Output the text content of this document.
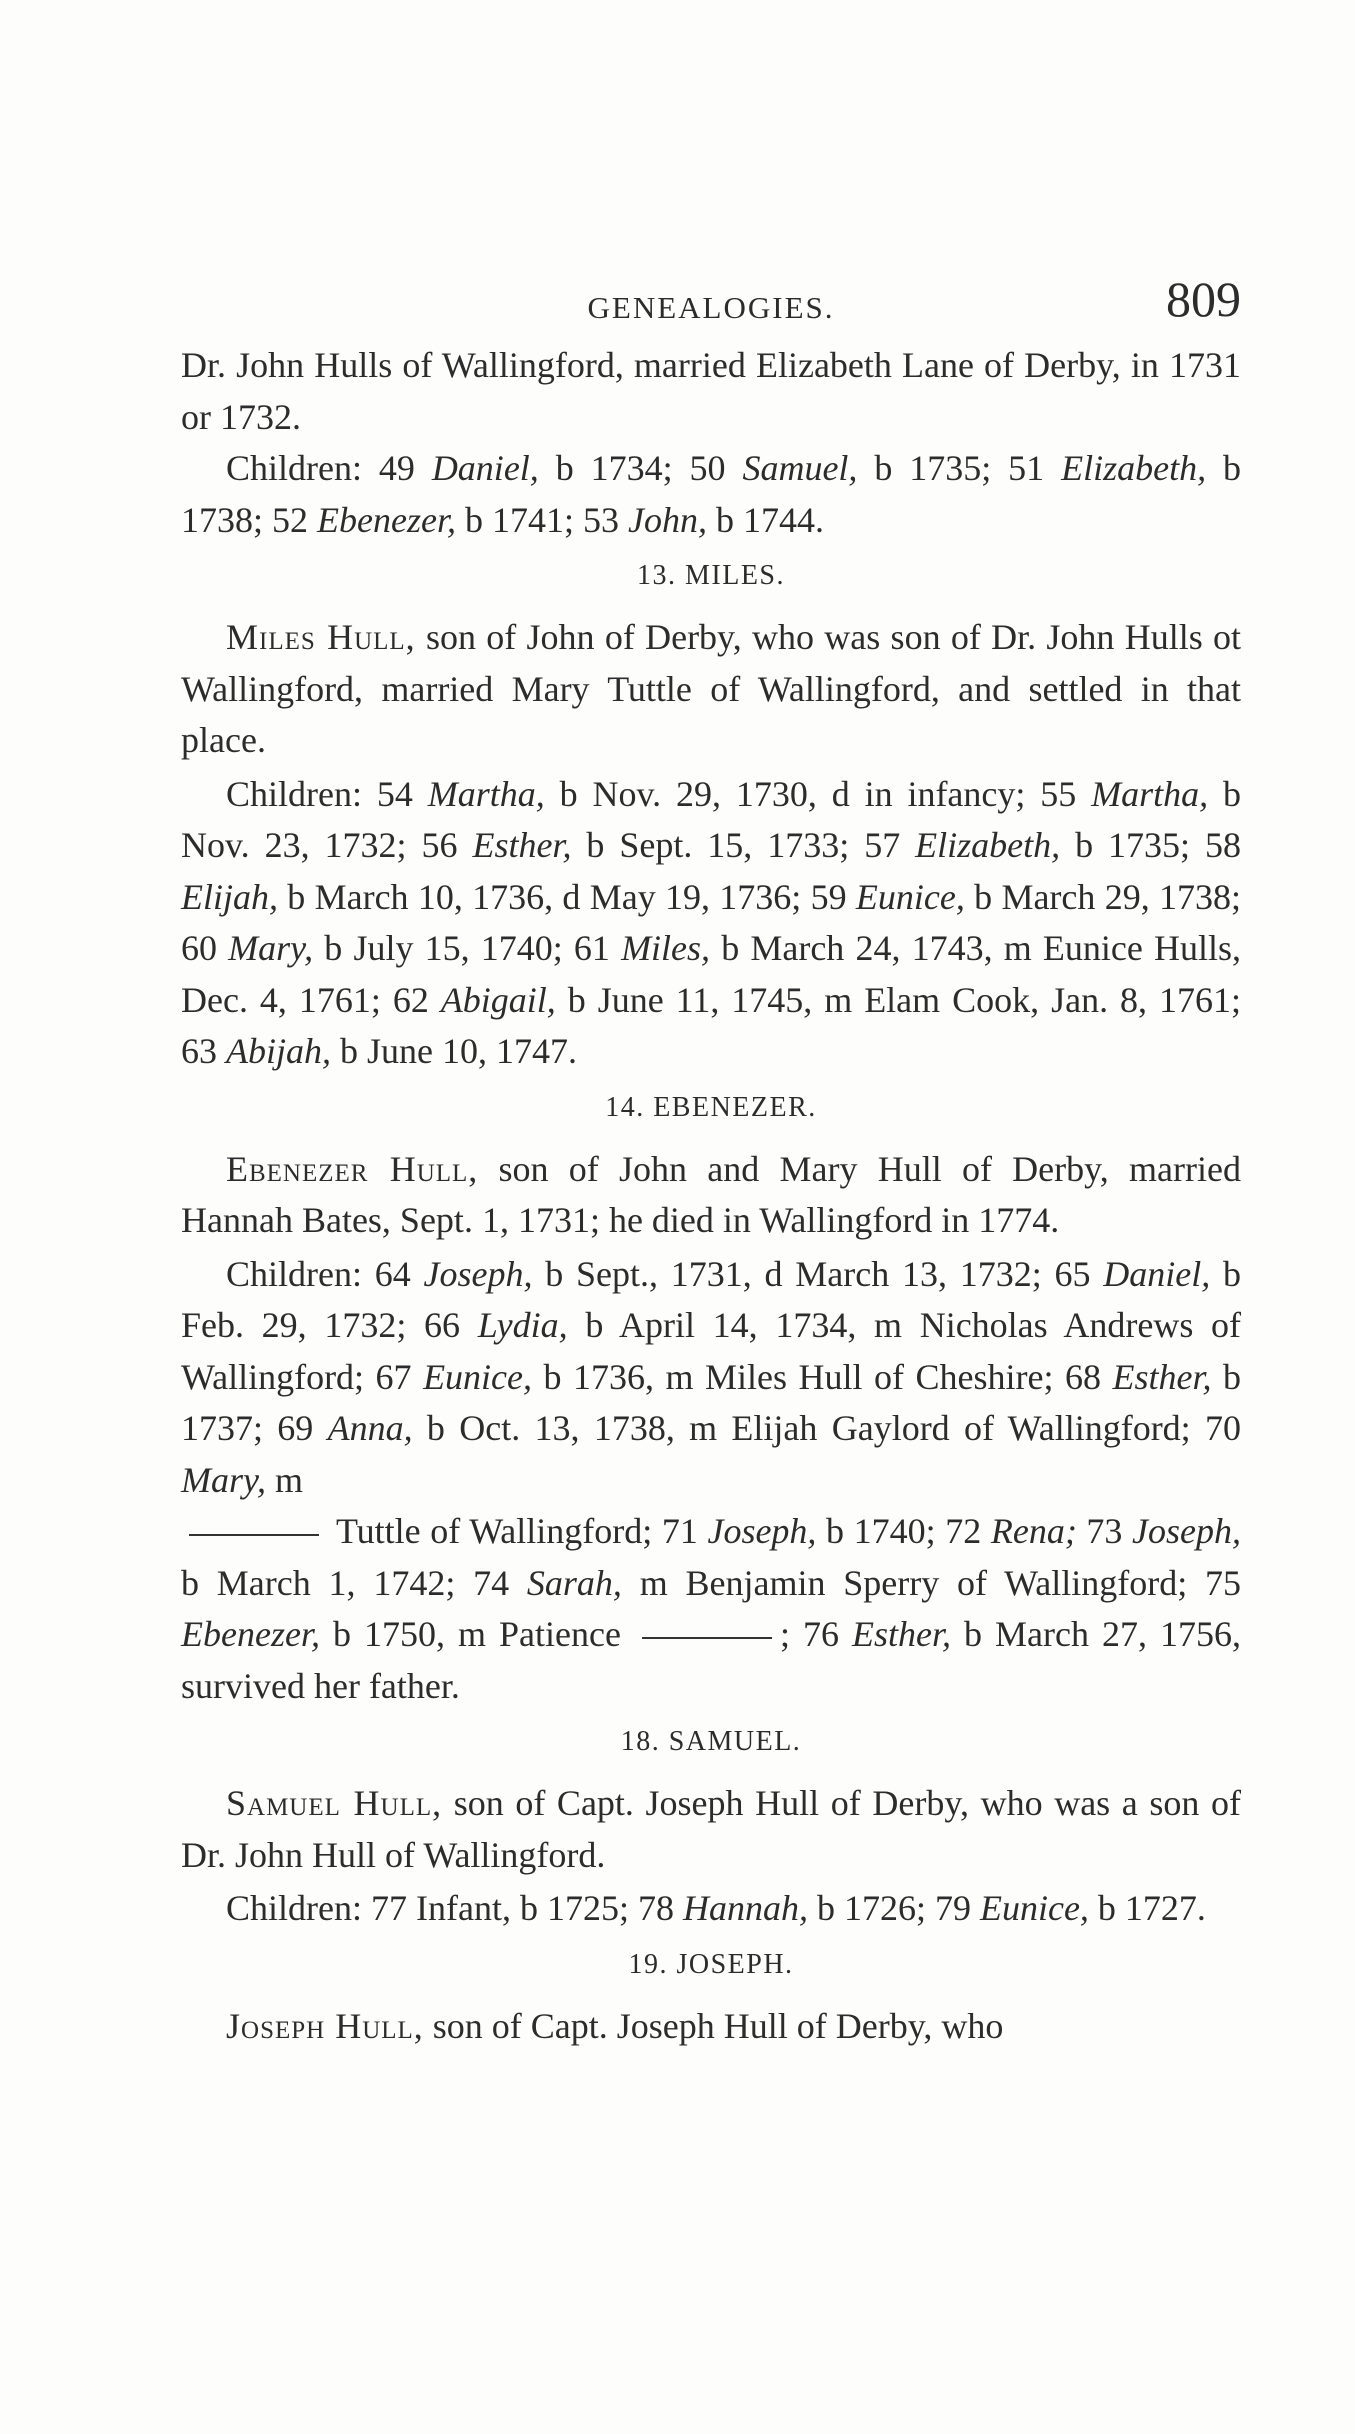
GENEALOGIES.	809

Dr. John Hulls of Wallingford, married Elizabeth Lane of Derby, in 1731 or 1732.

Children: 49 Daniel, b 1734; 50 Samuel, b 1735; 51 Elizabeth, b 1738; 52 Ebenezer, b 1741; 53 John, b 1744.

13. MILES.

Miles Hull, son of John of Derby, who was son of Dr. John Hulls ot Wallingford, married Mary Tuttle of Wallingford, and settled in that place.

Children: 54 Martha, b Nov. 29, 1730, d in infancy; 55 Martha, b Nov. 23, 1732; 56 Esther, b Sept. 15, 1733; 57 Elizabeth, b 1735; 58 Elijah, b March 10, 1736, d May 19, 1736; 59 Eunice, b March 29, 1738; 60 Mary, b July 15, 1740; 61 Miles, b March 24, 1743, m Eunice Hulls, Dec. 4, 1761; 62 Abigail, b June 11, 1745, m Elam Cook, Jan. 8, 1761; 63 Abijah, b June 10, 1747.

14. EBENEZER.

Ebenezer Hull, son of John and Mary Hull of Derby, married Hannah Bates, Sept. 1, 1731; he died in Wallingford in 1774.

Children: 64 Joseph, b Sept., 1731, d March 13, 1732; 65 Daniel, b Feb. 29, 1732; 66 Lydia, b April 14, 1734, m Nicholas Andrews of Wallingford; 67 Eunice, b 1736, m Miles Hull of Cheshire; 68 Esther, b 1737; 69 Anna, b Oct. 13, 1738, m Elijah Gaylord of Wallingford; 70 Mary, m
Tuttle of Wallingford; 71 Joseph, b 1740; 72 Rena; 73 Joseph, b March 1, 1742; 74 Sarah, m Benjamin Sperry of Wallingford; 75 Ebenezer, b 1750, m Patience	; 76 Esther, b March 27, 1756, survived her father.

18. SAMUEL.

Samuel Hull, son of Capt. Joseph Hull of Derby, who was a son of Dr. John Hull of Wallingford.

Children: 77 Infant, b 1725; 78 Hannah, b 1726; 79 Eunice, b 1727.

19. JOSEPH.

Joseph Hull, son of Capt. Joseph Hull of Derby, who
